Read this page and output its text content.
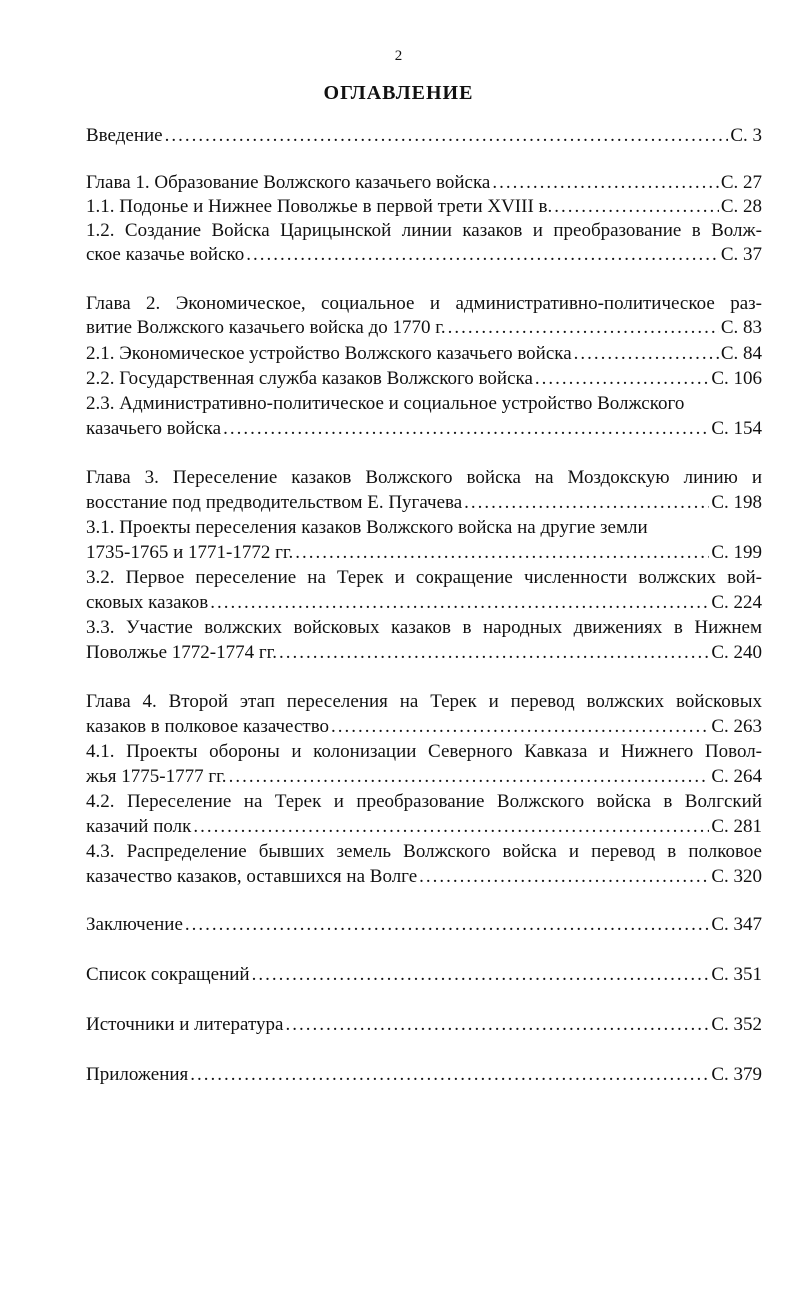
2
ОГЛАВЛЕНИЕ
Введение .....	С. 3
Глава 1. Образование Волжского казачьего войска .....	С. 27
1.1. Подонье и Нижнее Поволжье в первой трети XVIII в. .....	С. 28
1.2. Создание Войска Царицынской линии казаков и преобразование в Волж-
ское казачье войско .....	С. 37
Глава 2. Экономическое, социальное и административно-политическое раз-
витие Волжского казачьего войска до 1770 г. .....	С. 83
2.1. Экономическое устройство Волжского казачьего войска .....	С. 84
2.2. Государственная служба казаков Волжского войска .....	С. 106
2.3. Административно-политическое и социальное устройство Волжского
казачьего войска .....	С. 154
Глава 3. Переселение казаков Волжского войска на Моздокскую линию и
восстание под предводительством Е. Пугачева .....	С. 198
3.1. Проекты переселения казаков Волжского войска на другие земли
1735-1765 и 1771-1772 гг. .....	С. 199
3.2. Первое переселение на Терек и сокращение численности волжских вой-
сковых казаков .....	С. 224
3.3. Участие волжских войсковых казаков в народных движениях в Нижнем
Поволжье 1772-1774 гг. .....	С. 240
Глава 4. Второй этап переселения на Терек и перевод волжских войсковых
казаков в полковое казачество .....	С. 263
4.1. Проекты обороны и колонизации Северного Кавказа и Нижнего Повол-
жья 1775-1777 гг. .....	С. 264
4.2. Переселение на Терек и преобразование Волжского войска в Волгский
казачий полк .....	С. 281
4.3. Распределение бывших земель Волжского войска и перевод в полковое
казачество казаков, оставшихся на Волге .....	С. 320
Заключение .....	С. 347
Список сокращений .....	С. 351
Источники и литература .....	С. 352
Приложения .....	С. 379
